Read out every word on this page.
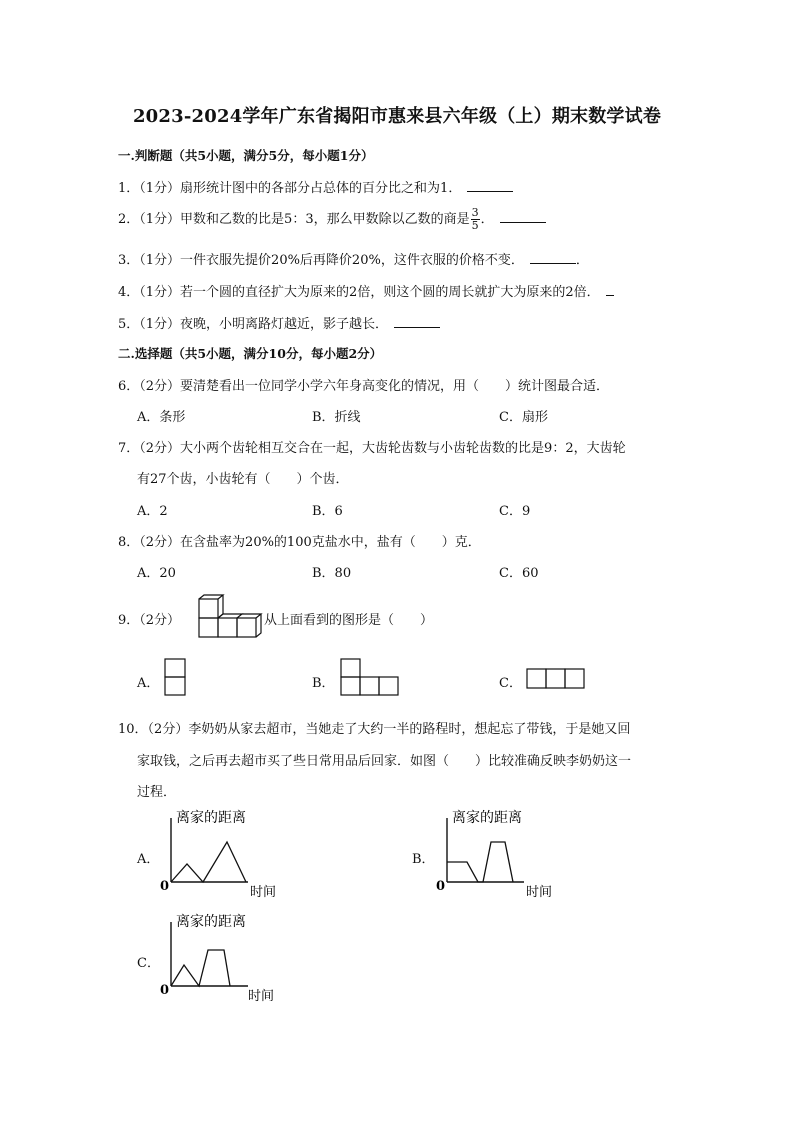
2023-2024学年广东省揭阳市惠来县六年级（上）期末数学试卷
一.判断题（共5小题，满分5分，每小题1分）
1．（1分）扇形统计图中的各部分占总体的百分比之和为1．
2．（1分）甲数和乙数的比是5：3，那么甲数除以乙数的商是 $\frac{3}{5}$ ．
3．（1分）一件衣服先提价20%后再降价20%，这件衣服的价格不变．	．
4．（1分）若一个圆的直径扩大为原来的2倍，则这个圆的周长就扩大为原来的2倍．
5．（1分）夜晚，小明离路灯越近，影子越长．
二.选择题（共5小题，满分10分，每小题2分）
6．（2分）要清楚看出一位同学小学六年身高变化的情况，用（　　）统计图最合适．
A．条形	B．折线	C．扇形
7．（2分）大小两个齿轮相互交合在一起，大齿轮齿数与小齿轮齿数的比是9：2，大齿轮
有27个齿，小齿轮有（　　）个齿．
A．2	B．6	C．9
8．（2分）在含盐率为20%的100克盐水中，盐有（　　）克．
A．20	B．80	C．60
9．（2分）	从上面看到的图形是（　　）
A．	B．	C．
10．（2分）李奶奶从家去超市，当她走了大约一半的路程时，想起忘了带钱，于是她又回
家取钱，之后再去超市买了些日常用品后回家．如图（　　）比较准确反映李奶奶这一
过程．
A．
离家的距离
0	时间
B．
离家的距离
0	时间
C．
离家的距离
0	时间
